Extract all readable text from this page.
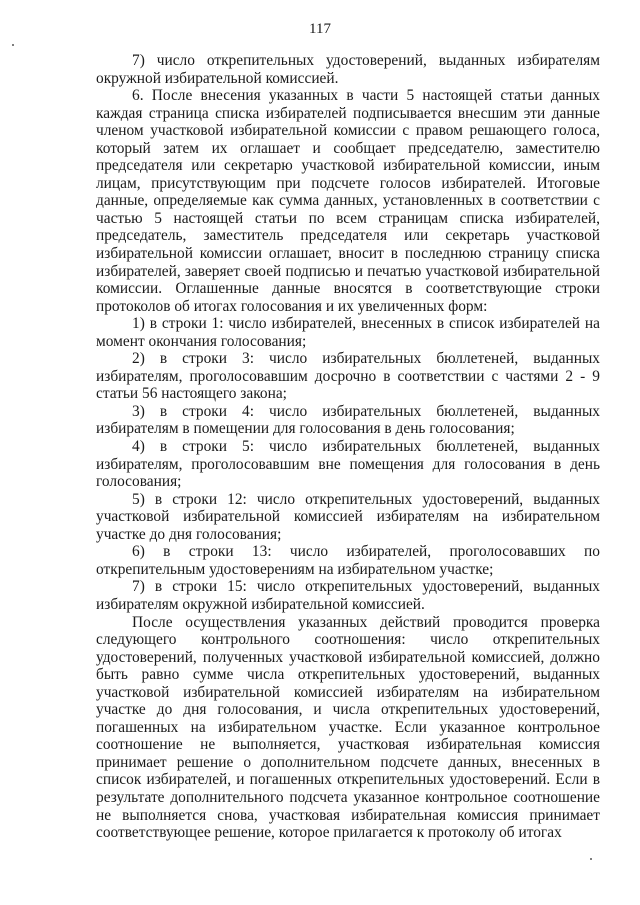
117

7) число открепительных удостоверений, выданных избирателям окружной избирательной комиссией.

6. После внесения указанных в части 5 настоящей статьи данных каждая страница списка избирателей подписывается внесшим эти данные членом участковой избирательной комиссии с правом решающего голоса, который затем их оглашает и сообщает председателю, заместителю председателя или секретарю участковой избирательной комиссии, иным лицам, присутствующим при подсчете голосов избирателей. Итоговые данные, определяемые как сумма данных, установленных в соответствии с частью 5 настоящей статьи по всем страницам списка избирателей, председатель, заместитель председателя или секретарь участковой избирательной комиссии оглашает, вносит в последнюю страницу списка избирателей, заверяет своей подписью и печатью участковой избирательной комиссии. Оглашенные данные вносятся в соответствующие строки протоколов об итогах голосования и их увеличенных форм:

1) в строки 1: число избирателей, внесенных в список избирателей на момент окончания голосования;

2) в строки 3: число избирательных бюллетеней, выданных избирателям, проголосовавшим досрочно в соответствии с частями 2 - 9 статьи 56 настоящего закона;

3) в строки 4: число избирательных бюллетеней, выданных избирателям в помещении для голосования в день голосования;

4) в строки 5: число избирательных бюллетеней, выданных избирателям, проголосовавшим вне помещения для голосования в день голосования;

5) в строки 12: число открепительных удостоверений, выданных участковой избирательной комиссией избирателям на избирательном участке до дня голосования;

6) в строки 13: число избирателей, проголосовавших по открепительным удостоверениям на избирательном участке;

7) в строки 15: число открепительных удостоверений, выданных избирателям окружной избирательной комиссией.

После осуществления указанных действий проводится проверка следующего контрольного соотношения: число открепительных удостоверений, полученных участковой избирательной комиссией, должно быть равно сумме числа открепительных удостоверений, выданных участковой избирательной комиссией избирателям на избирательном участке до дня голосования, и числа открепительных удостоверений, погашенных на избирательном участке. Если указанное контрольное соотношение не выполняется, участковая избирательная комиссия принимает решение о дополнительном подсчете данных, внесенных в список избирателей, и погашенных открепительных удостоверений. Если в результате дополнительного подсчета указанное контрольное соотношение не выполняется снова, участковая избирательная комиссия принимает соответствующее решение, которое прилагается к протоколу об итогах
